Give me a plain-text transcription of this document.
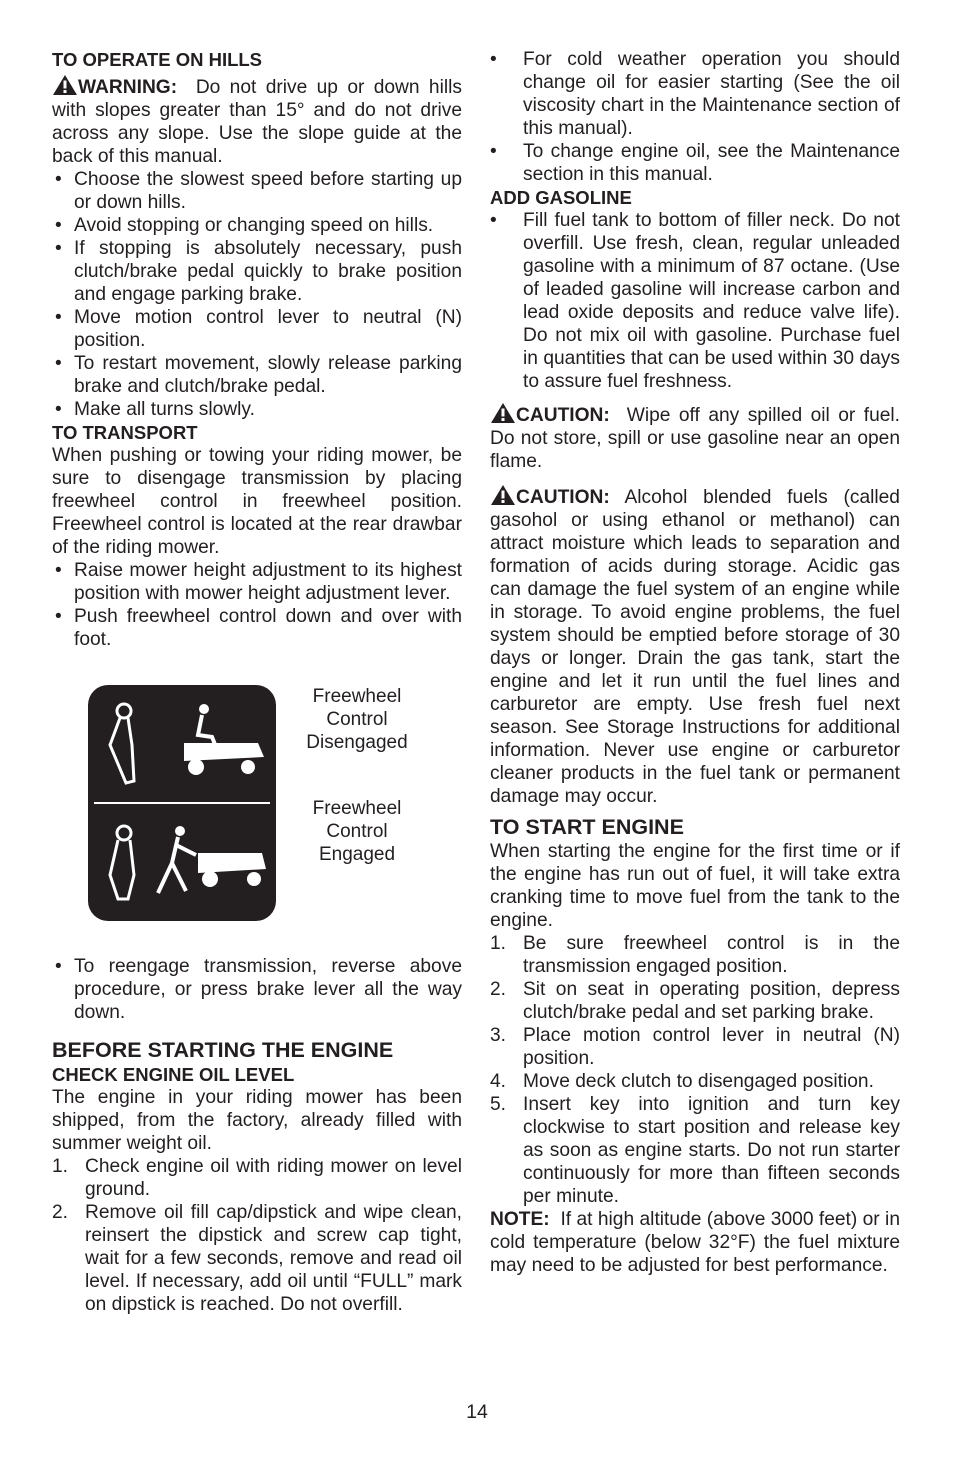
TO OPERATE ON HILLS

WARNING: Do not drive up or down hills with slopes greater than 15° and do not drive across any slope. Use the slope guide at the back of this manual.

• Choose the slowest speed before starting up or down hills.
• Avoid stopping or changing speed on hills.
• If stopping is absolutely necessary, push clutch/brake pedal quickly to brake position and engage parking brake.
• Move motion control lever to neutral (N) position.
• To restart movement, slowly release parking brake and clutch/brake pedal.
• Make all turns slowly.

TO TRANSPORT

When pushing or towing your riding mower, be sure to disengage transmission by placing freewheel control in freewheel position. Freewheel control is located at the rear drawbar of the riding mower.

• Raise mower height adjustment to its highest position with mower height adjustment lever.
• Push freewheel control down and over with foot.
Freewheel
Control
Disengaged
Freewheel
Control
Engaged
• To reengage transmission, reverse above procedure, or press brake lever all the way down.

BEFORE STARTING THE ENGINE

CHECK ENGINE OIL LEVEL

The engine in your riding mower has been shipped, from the factory, already filled with summer weight oil.

1. Check engine oil with riding mower on level ground.
2. Remove oil fill cap/dipstick and wipe clean, reinsert the dipstick and screw cap tight, wait for a few seconds, remove and read oil level. If necessary, add oil until “FULL” mark on dipstick is reached. Do not overfill.
• For cold weather operation you should change oil for easier starting (See the oil viscosity chart in the Maintenance section of this manual).
• To change engine oil, see the Maintenance section in this manual.

ADD GASOLINE

• Fill fuel tank to bottom of filler neck. Do not overfill. Use fresh, clean, regular unleaded gasoline with a minimum of 87 octane. (Use of leaded gasoline will increase carbon and lead oxide deposits and reduce valve life). Do not mix oil with gasoline. Purchase fuel in quantities that can be used within 30 days to assure fuel freshness.

CAUTION: Wipe off any spilled oil or fuel. Do not store, spill or use gasoline near an open flame.

CAUTION: Alcohol blended fuels (called gasohol or using ethanol or methanol) can attract moisture which leads to separation and formation of acids during storage. Acidic gas can damage the fuel system of an engine while in storage. To avoid engine problems, the fuel system should be emptied before storage of 30 days or longer. Drain the gas tank, start the engine and let it run until the fuel lines and carburetor are empty. Use fresh fuel next season. See Storage Instructions for additional information. Never use engine or carburetor cleaner products in the fuel tank or permanent damage may occur.

TO START ENGINE

When starting the engine for the first time or if the engine has run out of fuel, it will take extra cranking time to move fuel from the tank to the engine.

1. Be sure freewheel control is in the transmission engaged position.
2. Sit on seat in operating position, depress clutch/brake pedal and set parking brake.
3. Place motion control lever in neutral (N) position.
4. Move deck clutch to disengaged position.
5. Insert key into ignition and turn key clockwise to start position and release key as soon as engine starts. Do not run starter continuously for more than fifteen seconds per minute.

NOTE: If at high altitude (above 3000 feet) or in cold temperature (below 32°F) the fuel mixture may need to be adjusted for best performance.

14
